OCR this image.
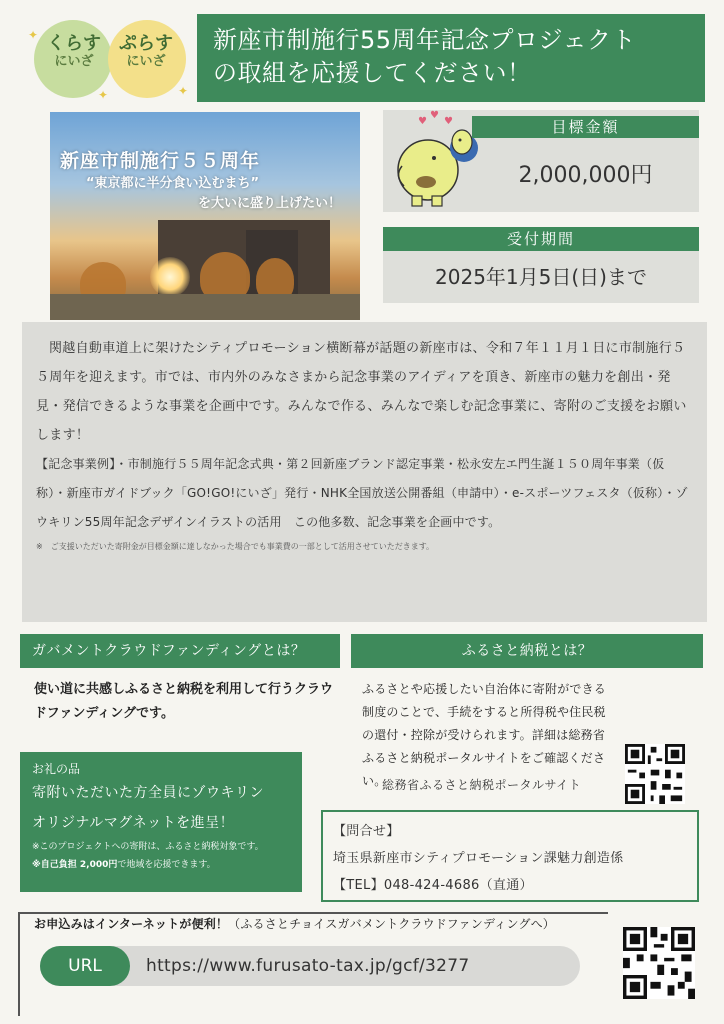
くらす
にいざ
ぷらす
にいざ
✦
✦
✦
新座市制施行55周年記念プロジェクト
の取組を応援してください！
新座市制施行５５周年
“東京都に半分食い込むまち”
を大いに盛り上げたい！
♥
♥
♥	目標金額
2,000,000円
受付期間
2025年1月5日(日)まで

関越自動車道上に架けたシティプロモーション横断幕が話題の新座市は、令和７年１１月１日に市制施行５５周年を迎えます。市では、市内外のみなさまから記念事業のアイディアを頂き、新座市の魅力を創出・発見・発信できるような事業を企画中です。みんなで作る、みんなで楽しむ記念事業に、寄附のご支援をお願いします！

【記念事業例】・市制施行５５周年記念式典・第２回新座ブランド認定事業・松永安左エ門生誕１５０周年事業（仮称）・新座市ガイドブック「GO!GO!にいざ」発行・NHK全国放送公開番組（申請中）・e-スポーツフェスタ（仮称）・ゾウキリン55周年記念デザインイラストの活用　この他多数、記念事業を企画中です。

※　ご支援いただいた寄附金が目標金額に達しなかった場合でも事業費の一部として活用させていただきます。

ガバメントクラウドファンディングとは？
使い道に共感しふるさと納税を利用して行うクラウドファンディングです。
お礼の品
寄附いただいた方全員にゾウキリン
オリジナルマグネットを進呈！
※このプロジェクトへの寄附は、ふるさと納税対象です。
※自己負担 2,000円で地域を応援できます。
ふるさと納税とは？
ふるさとや応援したい自治体に寄附ができる制度のことで、手続をすると所得税や住民税の還付・控除が受けられます。詳細は総務省ふるさと納税ポータルサイトをご確認ください。
総務省ふるさと納税ポータルサイト
【問合せ】
埼玉県新座市シティプロモーション課魅力創造係
【TEL】048-424-4686（直通）
お申込みはインターネットが便利！（ふるさとチョイスガバメントクラウドファンディングへ）
URL	https://www.furusato-tax.jp/gcf/3277
